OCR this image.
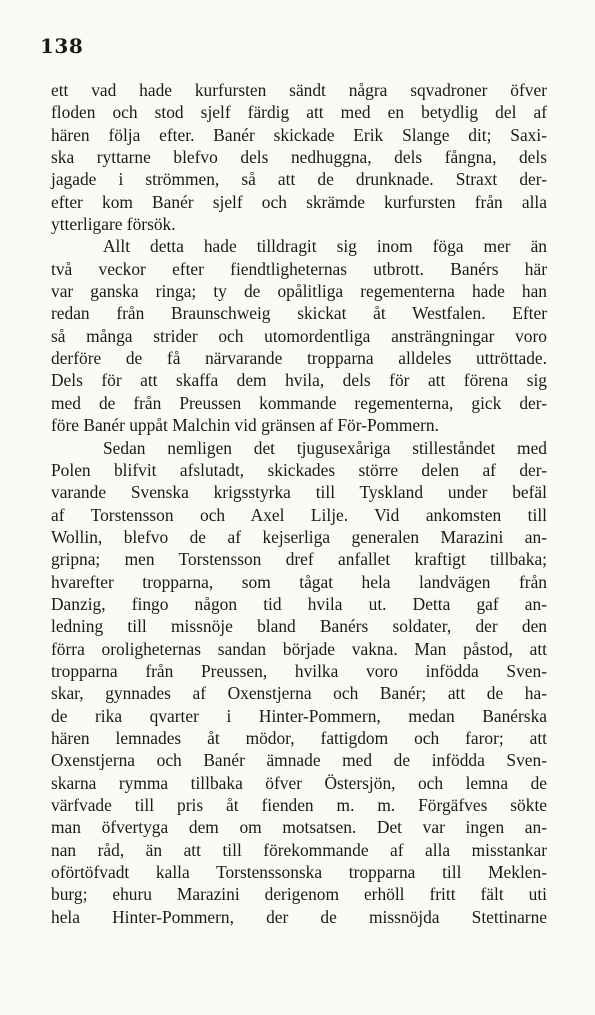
138
ett vad hade kurfursten sändt några sqvadroner öfver
floden och stod sjelf färdig att med en betydlig del af
hären följa efter. Banér skickade Erik Slange dit; Saxi-
ska ryttarne blefvo dels nedhuggna, dels fångna, dels
jagade i strömmen, så att de drunknade. Straxt der-
efter kom Banér sjelf och skrämde kurfursten från alla
ytterligare försök.
Allt detta hade tilldragit sig inom föga mer än
två veckor efter fiendtligheternas utbrott. Banérs här
var ganska ringa; ty de opålitliga regementerna hade han
redan från Braunschweig skickat åt Westfalen. Efter
så många strider och utomordentliga ansträngningar voro
derföre de få närvarande tropparna alldeles uttröttade.
Dels för att skaffa dem hvila, dels för att förena sig
med de från Preussen kommande regementerna, gick der-
före Banér uppåt Malchin vid gränsen af För-Pommern.
Sedan nemligen det tjugusexåriga stilleståndet med
Polen blifvit afslutadt, skickades större delen af der-
varande Svenska krigsstyrka till Tyskland under befäl
af Torstensson och Axel Lilje. Vid ankomsten till
Wollin, blefvo de af kejserliga generalen Marazini an-
gripna; men Torstensson dref anfallet kraftigt tillbaka;
hvarefter tropparna, som tågat hela landvägen från
Danzig, fingo någon tid hvila ut. Detta gaf an-
ledning till missnöje bland Banérs soldater, der den
förra oroligheternas sandan började vakna. Man påstod, att
tropparna från Preussen, hvilka voro infödda Sven-
skar, gynnades af Oxenstjerna och Banér; att de ha-
de rika qvarter i Hinter-Pommern, medan Banérska
hären lemnades åt mödor, fattigdom och faror; att
Oxenstjerna och Banér ämnade med de infödda Sven-
skarna rymma tillbaka öfver Östersjön, och lemna de
värfvade till pris åt fienden m. m. Förgäfves sökte
man öfvertyga dem om motsatsen. Det var ingen an-
nan råd, än att till förekommande af alla misstankar
oförtöfvadt kalla Torstenssonska tropparna till Meklen-
burg; ehuru Marazini derigenom erhöll fritt fält uti
hela Hinter-Pommern, der de missnöjda Stettinarne
